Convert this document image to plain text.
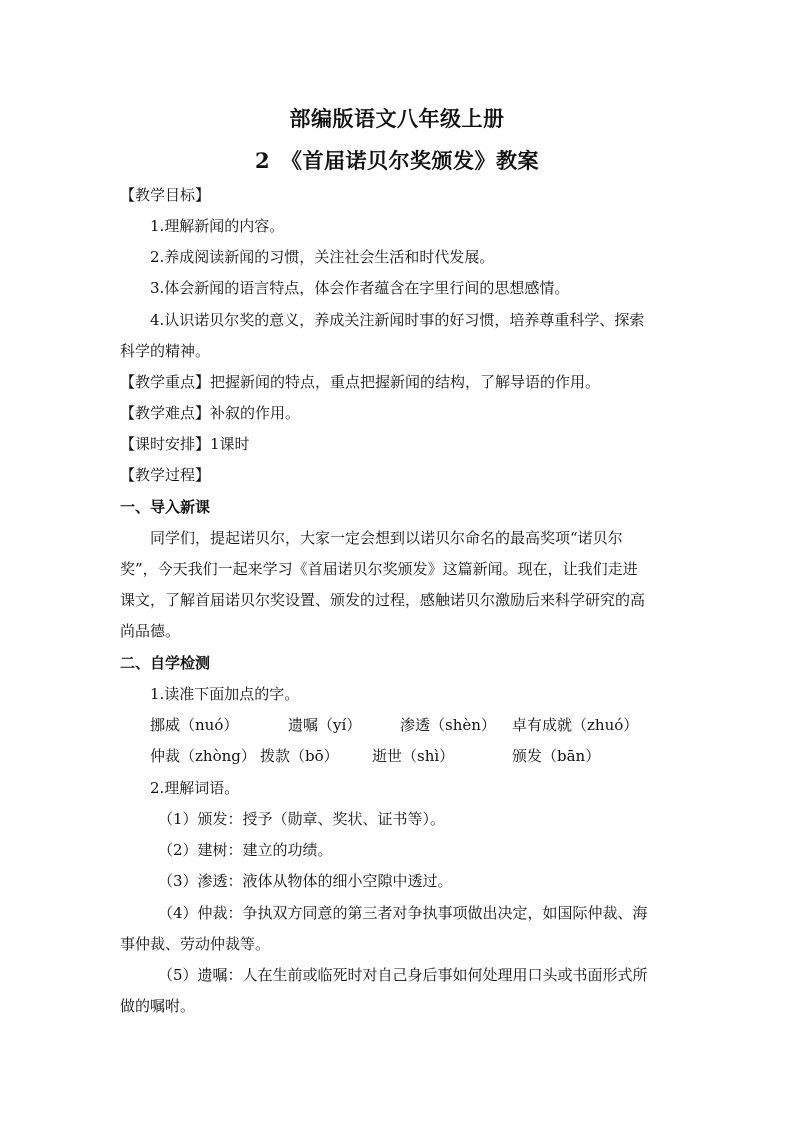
部编版语文八年级上册
2　《首届诺贝尔奖颁发》教案
【教学目标】
1.理解新闻的内容。
2.养成阅读新闻的习惯，关注社会生活和时代发展。
3.体会新闻的语言特点，体会作者蕴含在字里行间的思想感情。
4.认识诺贝尔奖的意义，养成关注新闻时事的好习惯，培养尊重科学、探索
科学的精神。
【教学重点】把握新闻的特点，重点把握新闻的结构，了解导语的作用。
【教学难点】补叙的作用。
【课时安排】1课时
【教学过程】
一、导入新课
同学们，提起诺贝尔，大家一定会想到以诺贝尔命名的最高奖项“诺贝尔
奖”，今天我们一起来学习《首届诺贝尔奖颁发》这篇新闻。现在，让我们走进
课文，了解首届诺贝尔奖设置、颁发的过程，感触诺贝尔激励后来科学研究的高
尚品德。
二、自学检测
1.读准下面加点的字。
挪威（nuó）	遗嘱（yí）	渗透（shèn） 卓有成就（zhuó）
仲裁（zhòng） 拨款（bō） 逝世（shì）	颁发（bān）
2.理解词语。
（1）颁发：授予（勋章、奖状、证书等）。
（2）建树：建立的功绩。
（3）渗透：液体从物体的细小空隙中透过。
（4）仲裁：争执双方同意的第三者对争执事项做出决定，如国际仲裁、海
事仲裁、劳动仲裁等。
（5）遗嘱：人在生前或临死时对自己身后事如何处理用口头或书面形式所
做的嘱咐。
